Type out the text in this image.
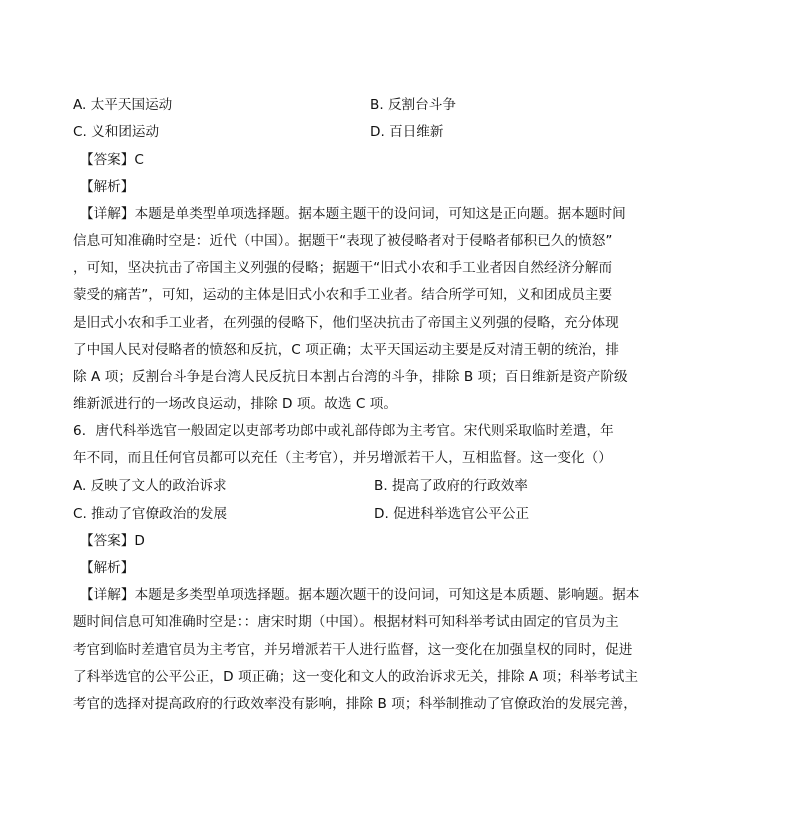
A. 太平天国运动	B. 反割台斗争
C. 义和团运动	D. 百日维新
【答案】C
【解析】
【详解】本题是单类型单项选择题。据本题主题干的设问词，可知这是正向题。据本题时间
信息可知准确时空是：近代（中国）。据题干“表现了被侵略者对于侵略者郁积已久的愤怒”
，可知，坚决抗击了帝国主义列强的侵略；据题干“旧式小农和手工业者因自然经济分解而
蒙受的痛苦”，可知，运动的主体是旧式小农和手工业者。结合所学可知，义和团成员主要
是旧式小农和手工业者，在列强的侵略下，他们坚决抗击了帝国主义列强的侵略，充分体现
了中国人民对侵略者的愤怒和反抗，C 项正确；太平天国运动主要是反对清王朝的统治，排
除 A 项；反割台斗争是台湾人民反抗日本割占台湾的斗争，排除 B 项；百日维新是资产阶级
维新派进行的一场改良运动，排除 D 项。故选 C 项。
6．唐代科举选官一般固定以吏部考功郎中或礼部侍郎为主考官。宋代则采取临时差遣，年
年不同，而且任何官员都可以充任（主考官），并另增派若干人，互相监督。这一变化（）
A. 反映了文人的政治诉求	B. 提高了政府的行政效率
C. 推动了官僚政治的发展	D. 促进科举选官公平公正
【答案】D
【解析】
【详解】本题是多类型单项选择题。据本题次题干的设问词，可知这是本质题、影响题。据本
题时间信息可知准确时空是：：唐宋时期（中国）。根据材料可知科举考试由固定的官员为主
考官到临时差遣官员为主考官，并另增派若干人进行监督，这一变化在加强皇权的同时，促进
了科举选官的公平公正，D 项正确；这一变化和文人的政治诉求无关，排除 A 项；科举考试主
考官的选择对提高政府的行政效率没有影响，排除 B 项；科举制推动了官僚政治的发展完善，
